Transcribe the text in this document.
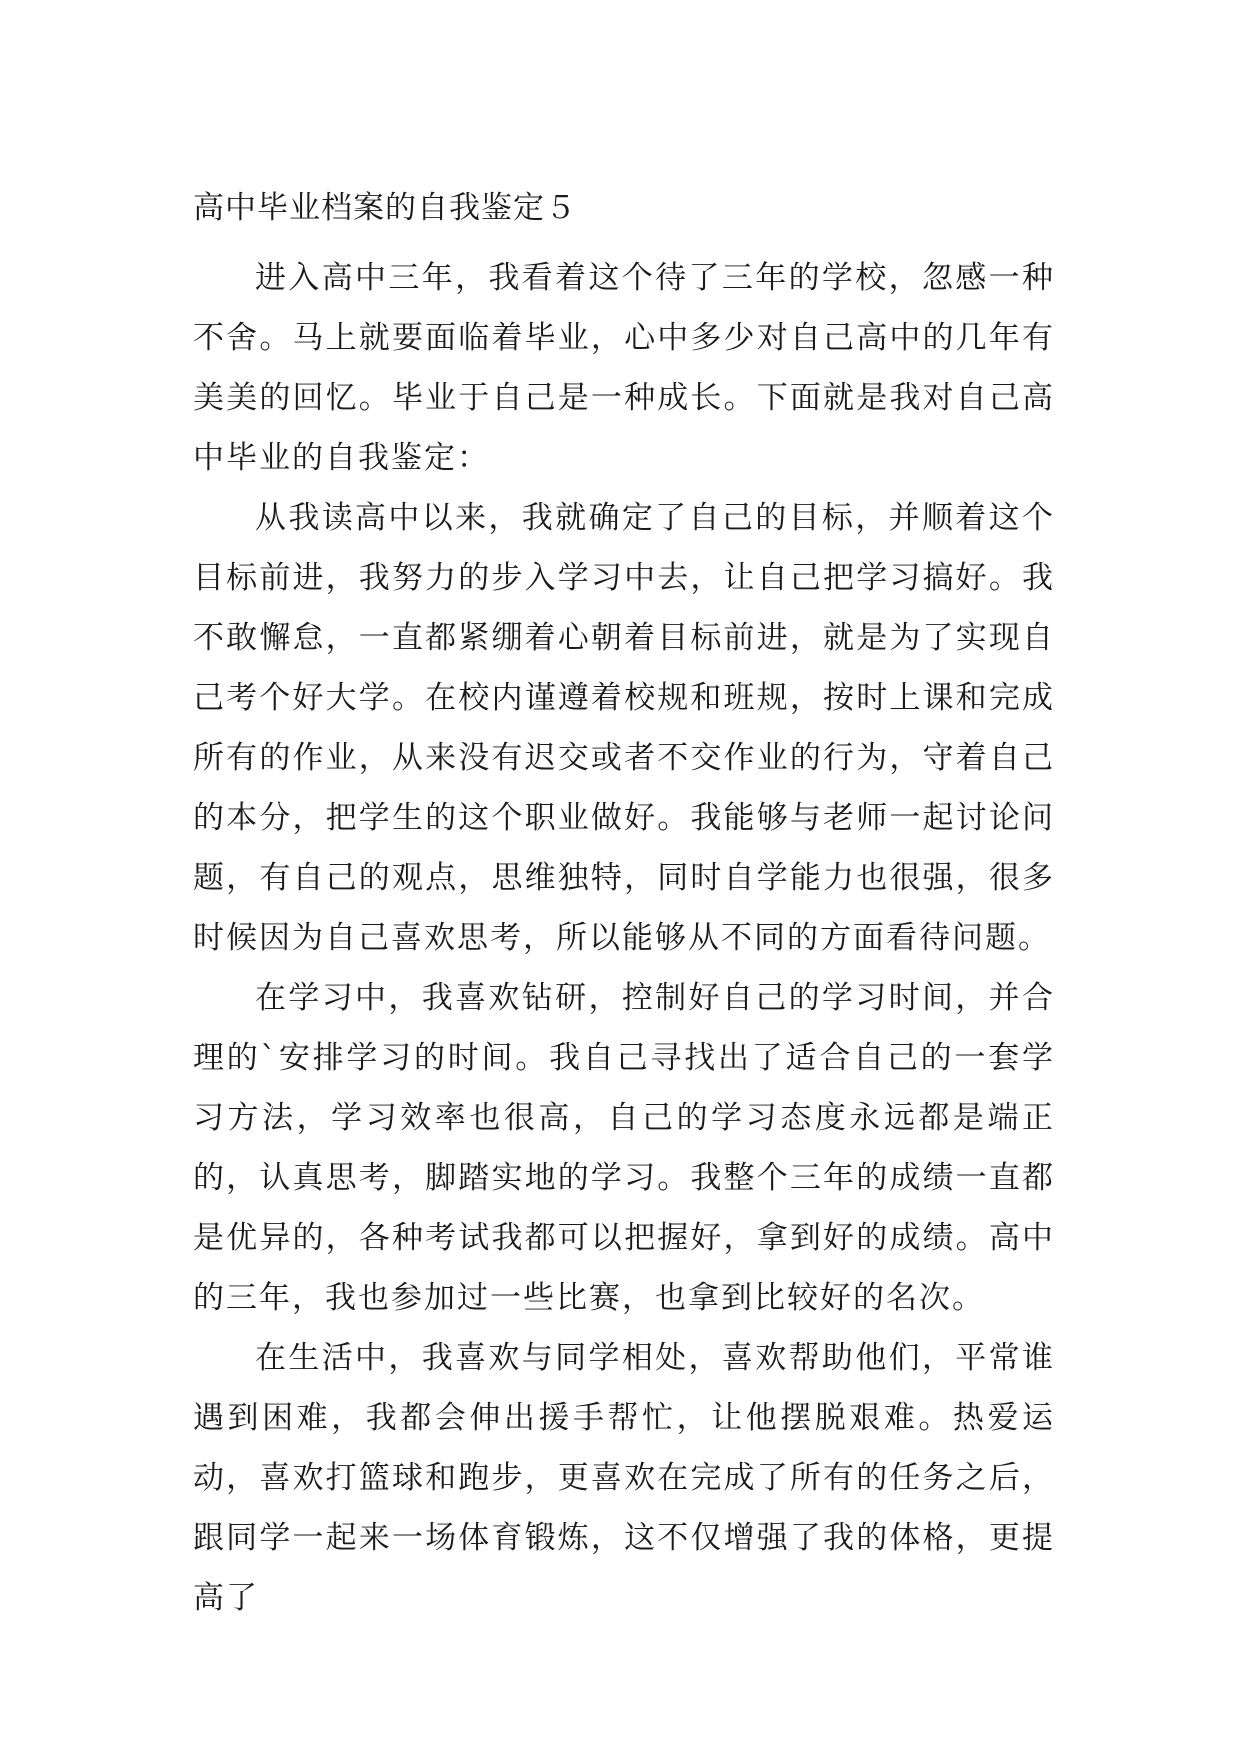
高中毕业档案的自我鉴定５

进入高中三年，我看着这个待了三年的学校，忽感一种不舍。马上就要面临着毕业，心中多少对自己高中的几年有美美的回忆。毕业于自己是一种成长。下面就是我对自己高中毕业的自我鉴定：

从我读高中以来，我就确定了自己的目标，并顺着这个目标前进，我努力的步入学习中去，让自己把学习搞好。我不敢懈怠，一直都紧绷着心朝着目标前进，就是为了实现自己考个好大学。在校内谨遵着校规和班规，按时上课和完成所有的作业，从来没有迟交或者不交作业的行为，守着自己的本分，把学生的这个职业做好。我能够与老师一起讨论问题，有自己的观点，思维独特，同时自学能力也很强，很多时候因为自己喜欢思考，所以能够从不同的方面看待问题。

在学习中，我喜欢钻研，控制好自己的学习时间，并合理的`安排学习的时间。我自己寻找出了适合自己的一套学习方法，学习效率也很高，自己的学习态度永远都是端正的，认真思考，脚踏实地的学习。我整个三年的成绩一直都是优异的，各种考试我都可以把握好，拿到好的成绩。高中的三年，我也参加过一些比赛，也拿到比较好的名次。

在生活中，我喜欢与同学相处，喜欢帮助他们，平常谁遇到困难，我都会伸出援手帮忙，让他摆脱艰难。热爱运动，喜欢打篮球和跑步，更喜欢在完成了所有的任务之后，跟同学一起来一场体育锻炼，这不仅增强了我的体格，更提高了
